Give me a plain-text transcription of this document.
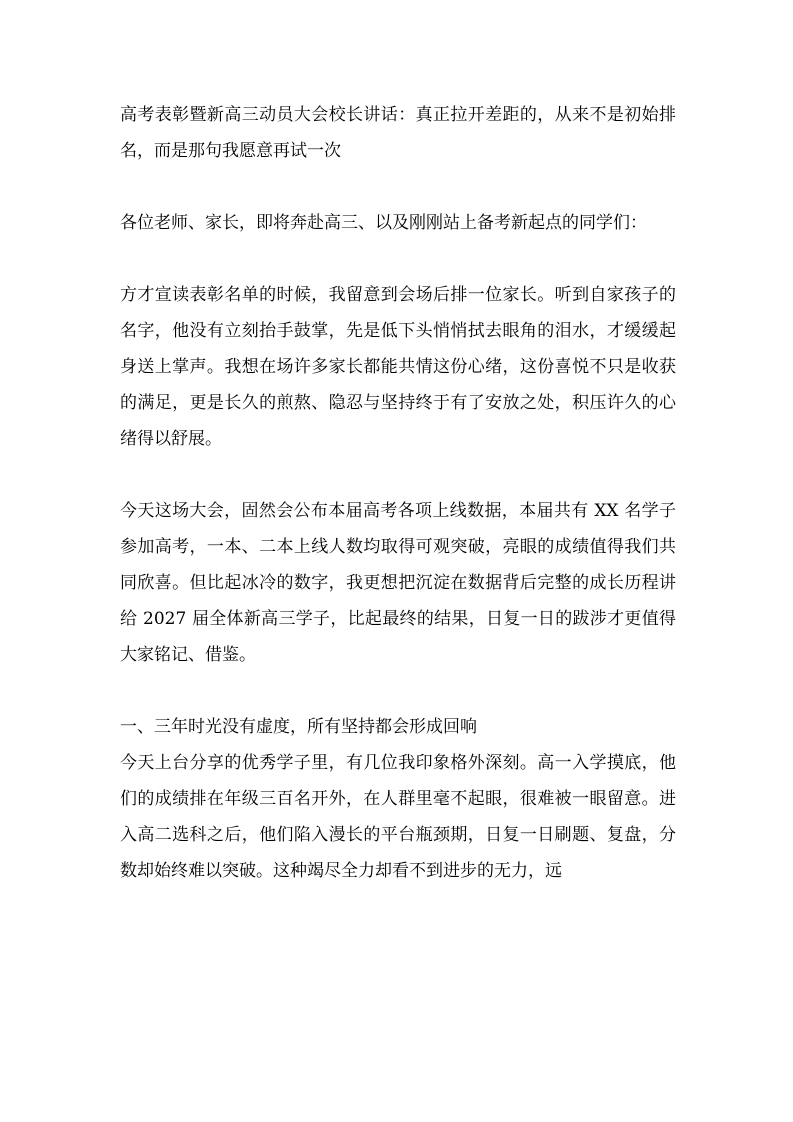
高考表彰暨新高三动员大会校长讲话：真正拉开差距的，从来不是初始排名，而是那句我愿意再试一次

各位老师、家长，即将奔赴高三、以及刚刚站上备考新起点的同学们：

方才宣读表彰名单的时候，我留意到会场后排一位家长。听到自家孩子的名字，他没有立刻抬手鼓掌，先是低下头悄悄拭去眼角的泪水，才缓缓起身送上掌声。我想在场许多家长都能共情这份心绪，这份喜悦不只是收获的满足，更是长久的煎熬、隐忍与坚持终于有了安放之处，积压许久的心绪得以舒展。

今天这场大会，固然会公布本届高考各项上线数据，本届共有 XX 名学子参加高考，一本、二本上线人数均取得可观突破，亮眼的成绩值得我们共同欣喜。但比起冰冷的数字，我更想把沉淀在数据背后完整的成长历程讲给 2027 届全体新高三学子，比起最终的结果，日复一日的跋涉才更值得大家铭记、借鉴。

一、三年时光没有虚度，所有坚持都会形成回响

今天上台分享的优秀学子里，有几位我印象格外深刻。高一入学摸底，他们的成绩排在年级三百名开外，在人群里毫不起眼，很难被一眼留意。进入高二选科之后，他们陷入漫长的平台瓶颈期，日复一日刷题、复盘，分数却始终难以突破。这种竭尽全力却看不到进步的无力，远
